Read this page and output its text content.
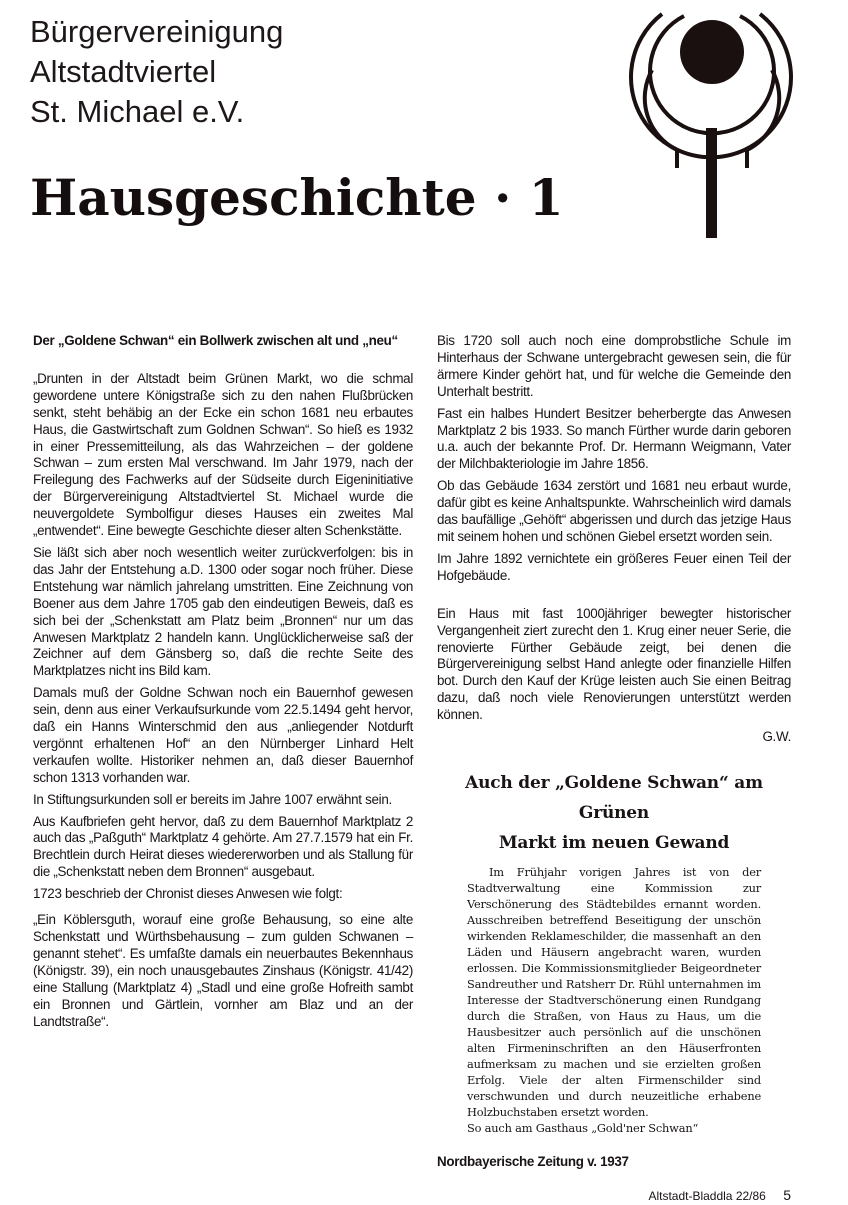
Bürgervereinigung
Altstadtviertel
St. Michael e.V.
Hausgeschichte · 1

Der „Goldene Schwan“ ein Bollwerk zwischen alt und „neu“

„Drunten in der Altstadt beim Grünen Markt, wo die schmal gewordene untere Königstraße sich zu den nahen Flußbrücken senkt, steht behäbig an der Ecke ein schon 1681 neu erbautes Haus, die Gastwirtschaft zum Goldnen Schwan“. So hieß es 1932 in einer Pressemitteilung, als das Wahrzeichen – der goldene Schwan – zum ersten Mal verschwand. Im Jahr 1979, nach der Freilegung des Fachwerks auf der Südseite durch Eigeninitiative der Bürgervereinigung Altstadtviertel St. Michael wurde die neuvergoldete Symbolfigur dieses Hauses ein zweites Mal „entwendet“. Eine bewegte Geschichte dieser alten Schenkstätte.

Sie läßt sich aber noch wesentlich weiter zurückverfolgen: bis in das Jahr der Entstehung a.D. 1300 oder sogar noch früher. Diese Entstehung war nämlich jahrelang umstritten. Eine Zeichnung von Boener aus dem Jahre 1705 gab den eindeutigen Beweis, daß es sich bei der „Schenkstatt am Platz beim „Bronnen“ nur um das Anwesen Marktplatz 2 handeln kann. Unglücklicherweise saß der Zeichner auf dem Gänsberg so, daß die rechte Seite des Marktplatzes nicht ins Bild kam.

Damals muß der Goldne Schwan noch ein Bauernhof gewesen sein, denn aus einer Verkaufsurkunde vom 22.5.1494 geht hervor, daß ein Hanns Winterschmid den aus „anliegender Notdurft vergönnt erhaltenen Hof“ an den Nürnberger Linhard Helt verkaufen wollte. Historiker nehmen an, daß dieser Bauernhof schon 1313 vorhanden war.

In Stiftungsurkunden soll er bereits im Jahre 1007 erwähnt sein.

Aus Kaufbriefen geht hervor, daß zu dem Bauernhof Marktplatz 2 auch das „Paßguth“ Marktplatz 4 gehörte. Am 27.7.1579 hat ein Fr. Brechtlein durch Heirat dieses wiedererworben und als Stallung für die „Schenkstatt neben dem Bronnen“ ausgebaut.

1723 beschrieb der Chronist dieses Anwesen wie folgt:

„Ein Köblersguth, worauf eine große Behausung, so eine alte Schenkstatt und Würthsbehausung – zum gulden Schwanen – genannt stehet“. Es umfaßte damals ein neuerbautes Bekennhaus (Königstr. 39), ein noch unausgebautes Zinshaus (Königstr. 41/42) eine Stallung (Marktplatz 4) „Stadl und eine große Hofreith sambt ein Bronnen und Gärtlein, vornher am Blaz und an der Landtstraße“.

Bis 1720 soll auch noch eine domprobstliche Schule im Hinterhaus der Schwane untergebracht gewesen sein, die für ärmere Kinder gehört hat, und für welche die Gemeinde den Unterhalt bestritt.

Fast ein halbes Hundert Besitzer beherbergte das Anwesen Marktplatz 2 bis 1933. So manch Fürther wurde darin geboren u.a. auch der bekannte Prof. Dr. Hermann Weigmann, Vater der Milchbakteriologie im Jahre 1856.

Ob das Gebäude 1634 zerstört und 1681 neu erbaut wurde, dafür gibt es keine Anhaltspunkte. Wahrscheinlich wird damals das baufällige „Gehöft“ abgerissen und durch das jetzige Haus mit seinem hohen und schönen Giebel ersetzt worden sein.

Im Jahre 1892 vernichtete ein größeres Feuer einen Teil der Hofgebäude.

Ein Haus mit fast 1000jähriger bewegter historischer Vergangenheit ziert zurecht den 1. Krug einer neuer Serie, die renovierte Fürther Gebäude zeigt, bei denen die Bürgervereinigung selbst Hand anlegte oder finanzielle Hilfen bot. Durch den Kauf der Krüge leisten auch Sie einen Beitrag dazu, daß noch viele Renovierungen unterstützt werden können.

G.W.
Auch der „Goldene Schwan“ am Grünen
Markt im neuen Gewand
Im Frühjahr vorigen Jahres ist von der Stadtverwaltung eine Kommission zur Verschönerung des Städtebildes ernannt worden. Ausschreiben betreffend Beseitigung der unschön wirkenden Reklameschilder, die massenhaft an den Läden und Häusern angebracht waren, wurden erlossen. Die Kommissionsmitglieder Beigeordneter Sandreuther und Ratsherr Dr. Rühl unternahmen im Interesse der Stadtverschönerung einen Rundgang durch die Straßen, von Haus zu Haus, um die Hausbesitzer auch persönlich auf die unschönen alten Firmeninschriften an den Häuserfronten aufmerksam zu machen und sie erzielten großen Erfolg. Viele der alten Firmenschilder sind verschwunden und durch neuzeitliche erhabene Holzbuchstaben ersetzt worden.
So auch am Gasthaus „Gold'ner Schwan“
Nordbayerische Zeitung v. 1937
Altstadt-Bladdla 22/86 5
